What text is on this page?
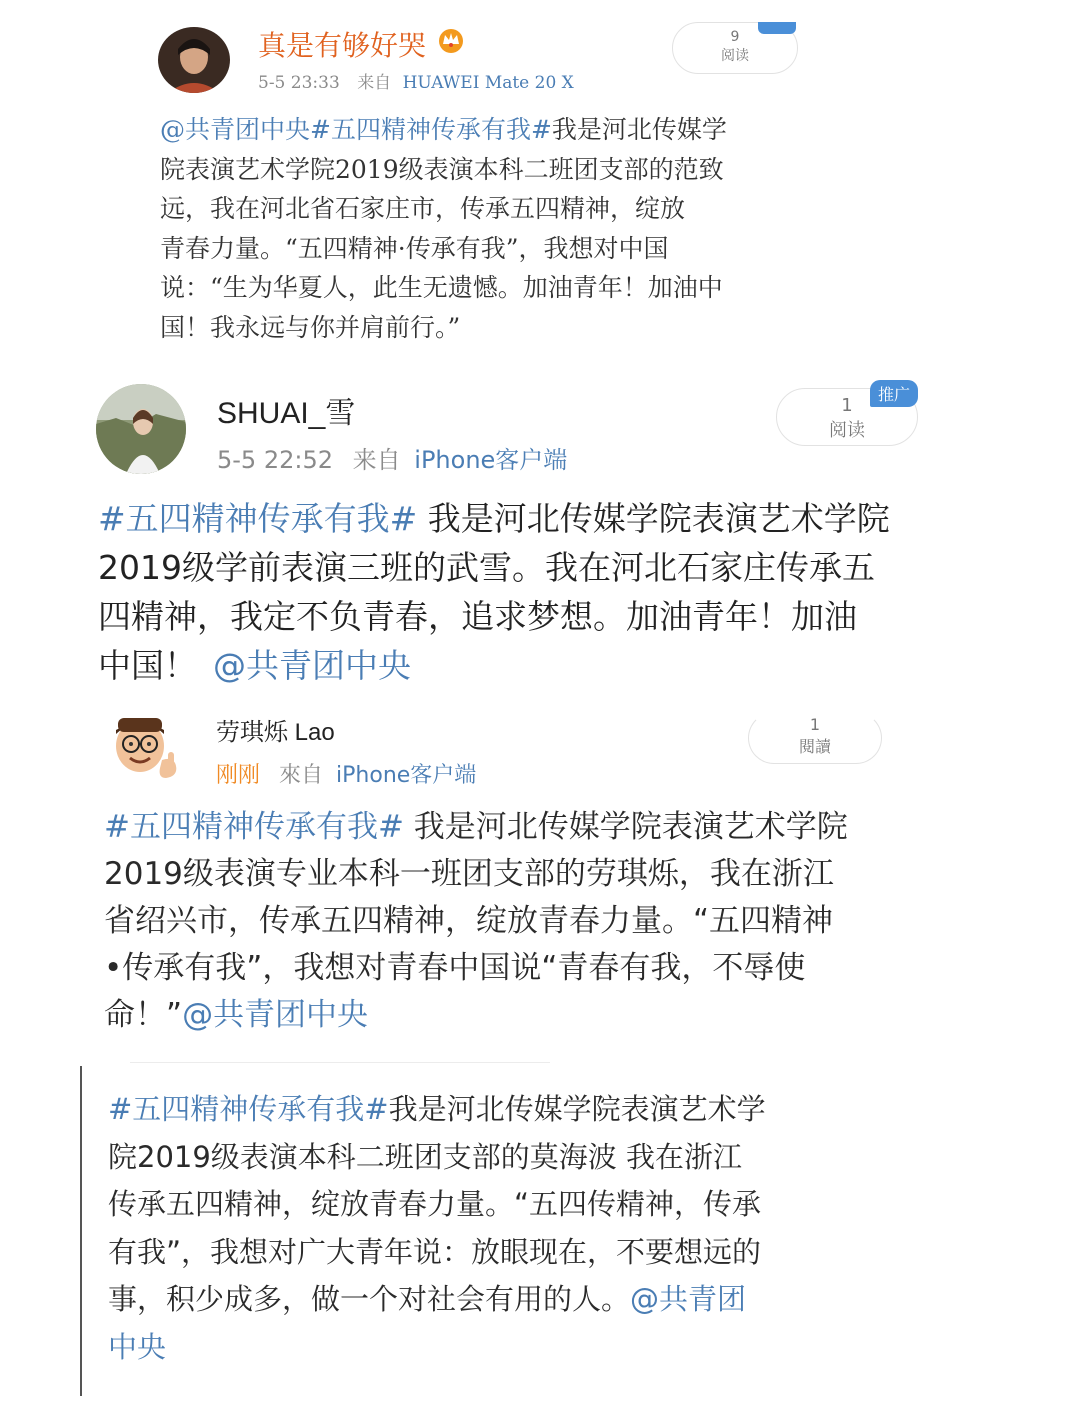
真是有够好哭
5-5 23:33 来自 HUAWEI Mate 20 X
9
阅读
@共青团中央#五四精神传承有我#我是河北传媒学
院表演艺术学院2019级表演本科二班团支部的范致
远，我在河北省石家庄市，传承五四精神，绽放
青春力量。“五四精神·传承有我”，我想对中国
说：“生为华夏人，此生无遗憾。加油青年！加油中
国！我永远与你并肩前行。”
SHUAI_雪
5-5 22:52 来自 iPhone客户端
1
阅读
推广
#五四精神传承有我# 我是河北传媒学院表演艺术学院
2019级学前表演三班的武雪。我在河北石家庄传承五
四精神，我定不负青春，追求梦想。加油青年！加油
中国！ @共青团中央
劳琪烁 Lao
刚刚 來自 iPhone客户端
1
閱讀
#五四精神传承有我# 我是河北传媒学院表演艺术学院
2019级表演专业本科一班团支部的劳琪烁，我在浙江
省绍兴市，传承五四精神，绽放青春力量。“五四精神
•传承有我”，我想对青春中国说“青春有我，不辱使
命！”@共青团中央
#五四精神传承有我#我是河北传媒学院表演艺术学
院2019级表演本科二班团支部的莫海波 我在浙江
传承五四精神，绽放青春力量。“五四传精神，传承
有我”，我想对广大青年说：放眼现在，不要想远的
事，积少成多，做一个对社会有用的人。@共青团
中央
